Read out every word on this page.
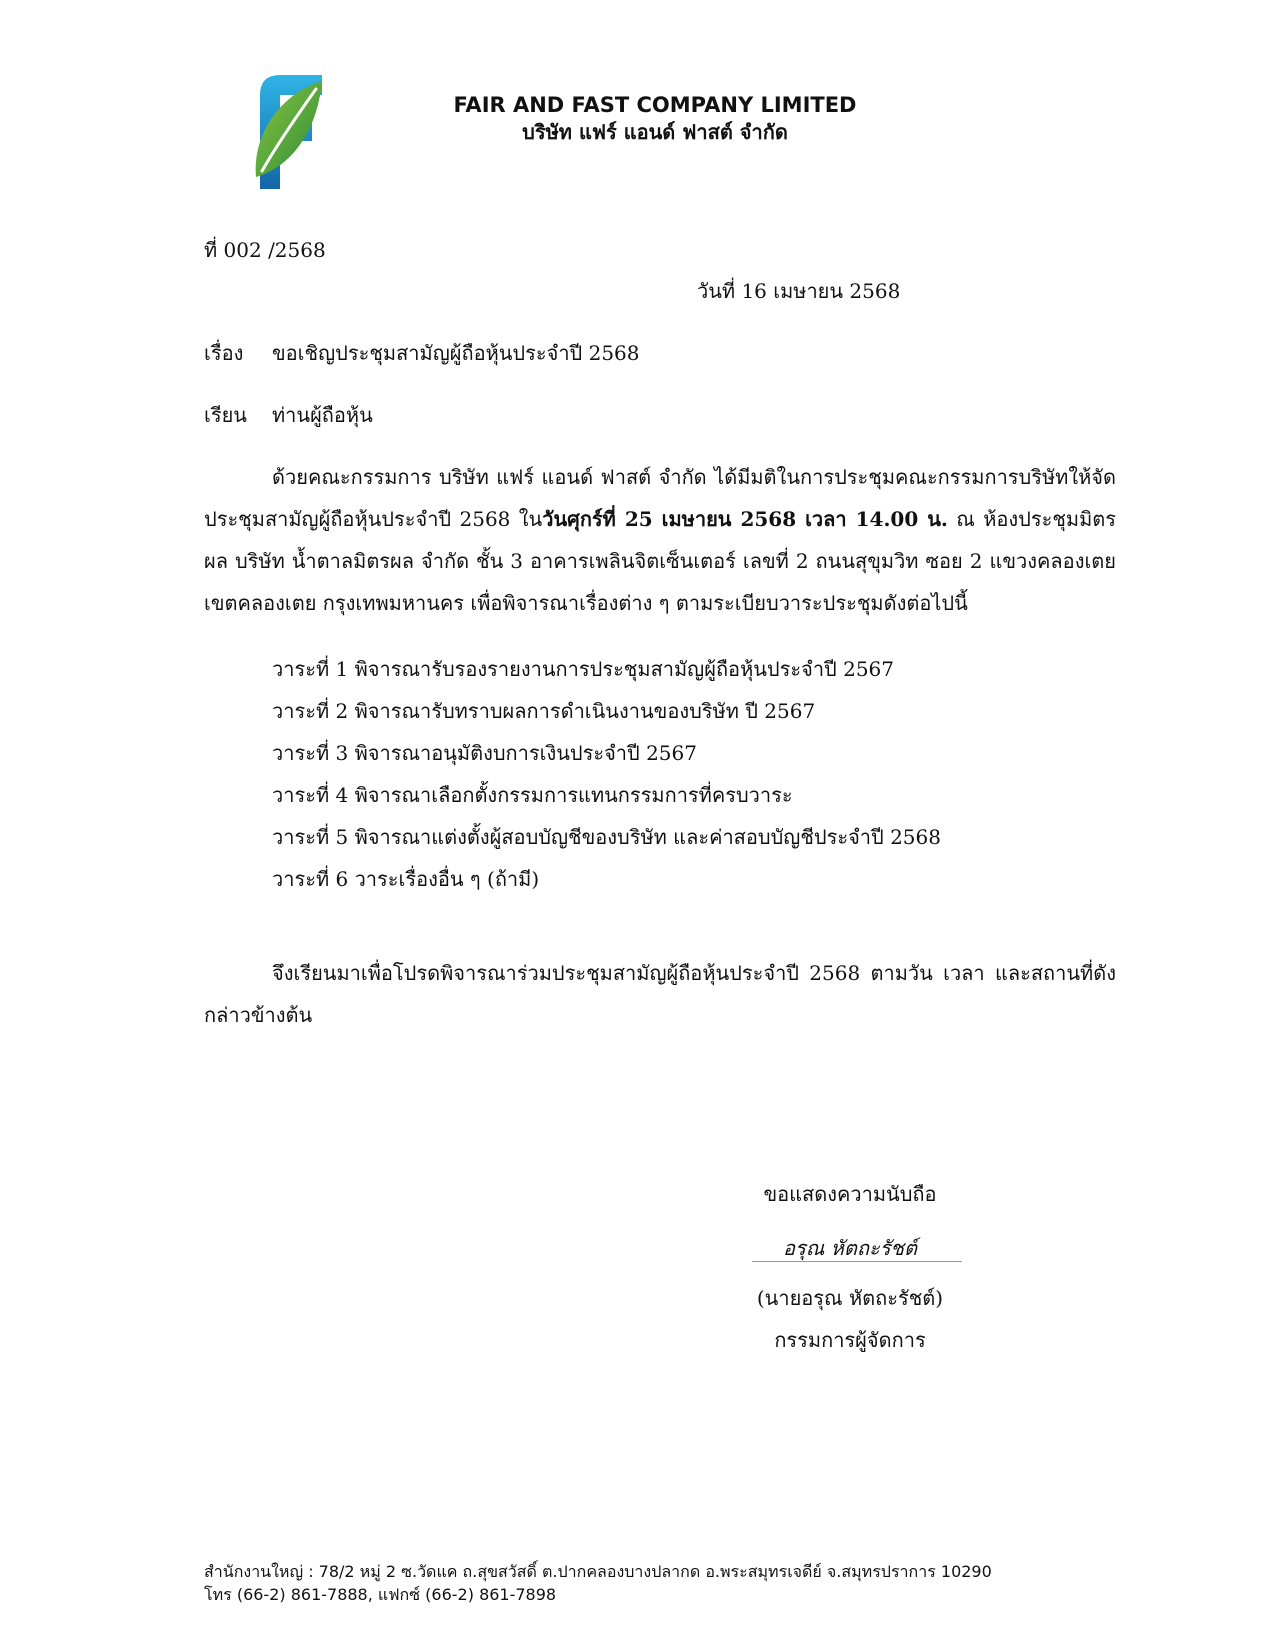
FAIR AND FAST COMPANY LIMITED
บริษัท แฟร์ แอนด์ ฟาสต์ จำกัด
ที่ 002 /2568
วันที่ 16 เมษายน 2568
เรื่อง ขอเชิญประชุมสามัญผู้ถือหุ้นประจำปี 2568
เรียน ท่านผู้ถือหุ้น
ด้วยคณะกรรมการ บริษัท แฟร์ แอนด์ ฟาสต์ จำกัด ได้มีมติในการประชุมคณะกรรมการบริษัทให้จัดประชุมสามัญผู้ถือหุ้นประจำปี 2568 ในวันศุกร์ที่ 25 เมษายน 2568 เวลา 14.00 น. ณ ห้องประชุมมิตรผล บริษัท น้ำตาลมิตรผล จำกัด ชั้น 3 อาคารเพลินจิตเซ็นเตอร์ เลขที่ 2 ถนนสุขุมวิท ซอย 2 แขวงคลองเตย เขตคลองเตย กรุงเทพมหานคร เพื่อพิจารณาเรื่องต่าง ๆ ตามระเบียบวาระประชุมดังต่อไปนี้
วาระที่ 1 พิจารณารับรองรายงานการประชุมสามัญผู้ถือหุ้นประจำปี 2567
วาระที่ 2 พิจารณารับทราบผลการดำเนินงานของบริษัท ปี 2567
วาระที่ 3 พิจารณาอนุมัติงบการเงินประจำปี 2567
วาระที่ 4 พิจารณาเลือกตั้งกรรมการแทนกรรมการที่ครบวาระ
วาระที่ 5 พิจารณาแต่งตั้งผู้สอบบัญชีของบริษัท และค่าสอบบัญชีประจำปี 2568
วาระที่ 6 วาระเรื่องอื่น ๆ (ถ้ามี)
จึงเรียนมาเพื่อโปรดพิจารณาร่วมประชุมสามัญผู้ถือหุ้นประจำปี 2568 ตามวัน เวลา และสถานที่ดังกล่าวข้างต้น
ขอแสดงความนับถือ
อรุณ หัตถะรัชต์
(นายอรุณ หัตถะรัชต์)
กรรมการผู้จัดการ
สำนักงานใหญ่ : 78/2 หมู่ 2 ซ.วัดแค ถ.สุขสวัสดิ์ ต.ปากคลองบางปลากด อ.พระสมุทรเจดีย์ จ.สมุทรปราการ 10290
โทร (66-2) 861-7888, แฟกซ์ (66-2) 861-7898
